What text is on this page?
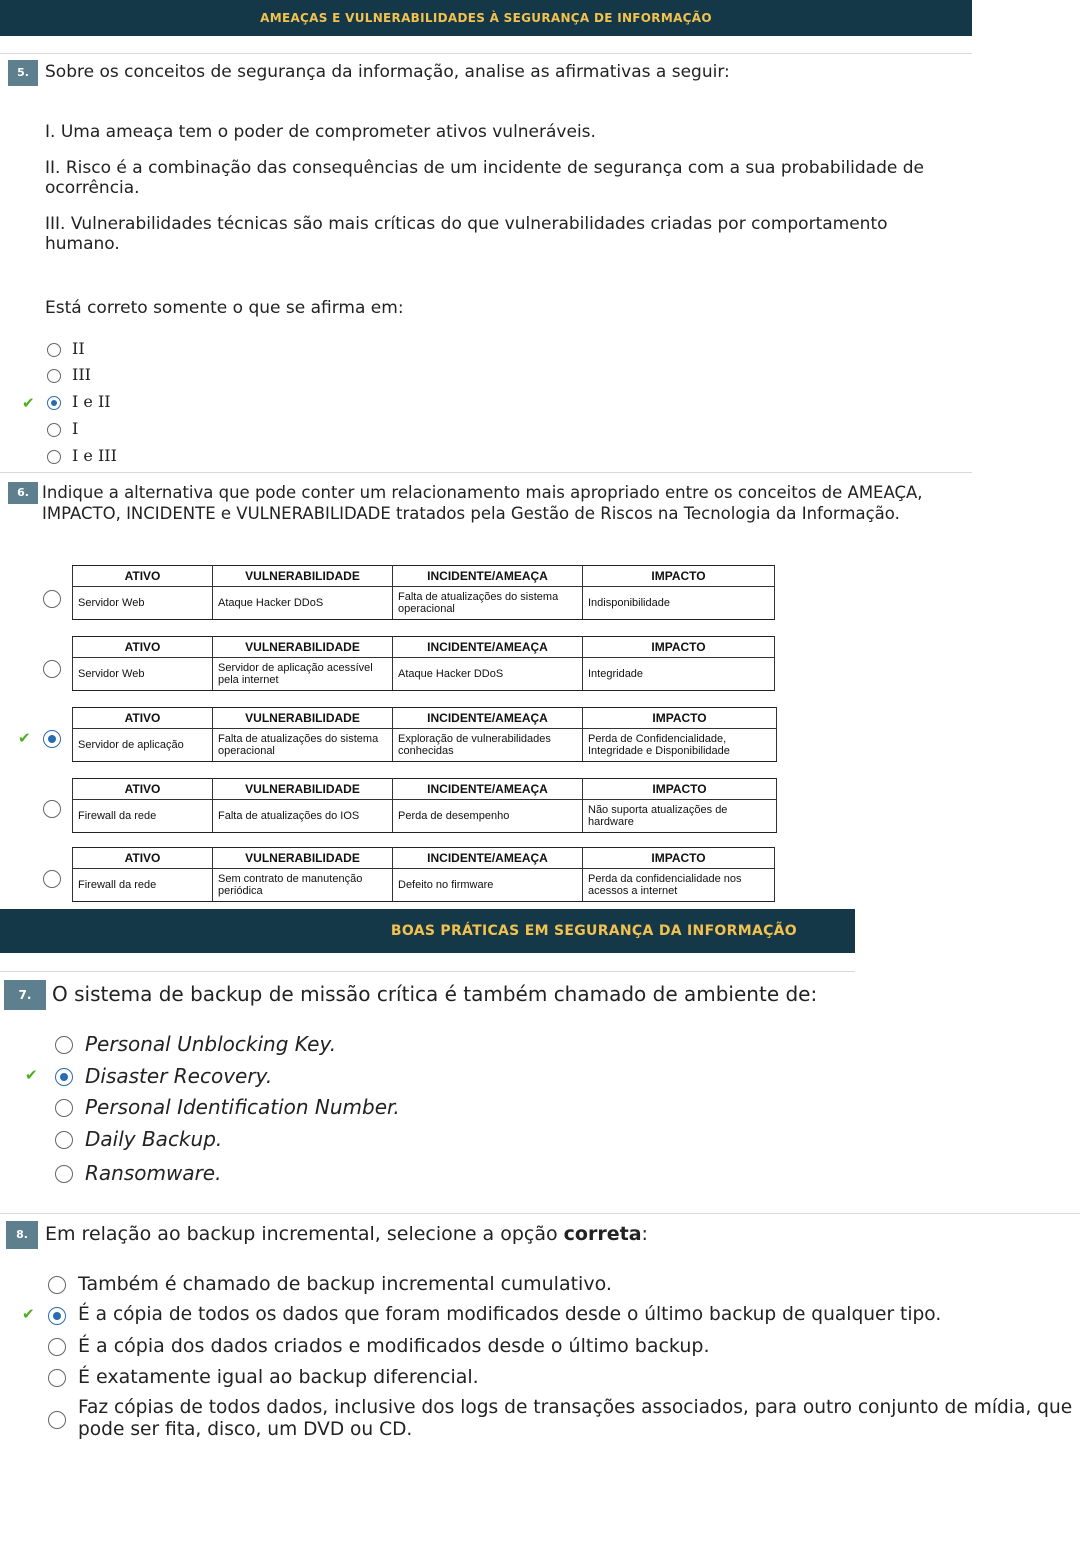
AMEAÇAS E VULNERABILIDADES À SEGURANÇA DE INFORMAÇÃO
5. Sobre os conceitos de segurança da informação, analise as afirmativas a seguir:
I. Uma ameaça tem o poder de comprometer ativos vulneráveis.
II. Risco é a combinação das consequências de um incidente de segurança com a sua probabilidade de ocorrência.
III. Vulnerabilidades técnicas são mais críticas do que vulnerabilidades criadas por comportamento humano.
Está correto somente o que se afirma em:
II
III
✔ I e II
I
I e III
6. Indique a alternativa que pode conter um relacionamento mais apropriado entre os conceitos de AMEAÇA, IMPACTO, INCIDENTE e VULNERABILIDADE tratados pela Gestão de Riscos na Tecnologia da Informação.
ATIVO	VULNERABILIDADE	INCIDENTE/AMEAÇA	IMPACTO
Servidor Web	Ataque Hacker DDoS	Falta de atualizações do sistema operacional	Indisponibilidade
ATIVO	VULNERABILIDADE	INCIDENTE/AMEAÇA	IMPACTO
Servidor Web	Servidor de aplicação acessível pela internet	Ataque Hacker DDoS	Integridade
✔
ATIVO	VULNERABILIDADE	INCIDENTE/AMEAÇA	IMPACTO
Servidor de aplicação	Falta de atualizações do sistema operacional	Exploração de vulnerabilidades conhecidas	Perda de Confidencialidade, Integridade e Disponibilidade
ATIVO	VULNERABILIDADE	INCIDENTE/AMEAÇA	IMPACTO
Firewall da rede	Falta de atualizações do IOS	Perda de desempenho	Não suporta atualizações de hardware
ATIVO	VULNERABILIDADE	INCIDENTE/AMEAÇA	IMPACTO
Firewall da rede	Sem contrato de manutenção periódica	Defeito no firmware	Perda da confidencialidade nos acessos a internet
BOAS PRÁTICAS EM SEGURANÇA DA INFORMAÇÃO
7.	O sistema de backup de missão crítica é também chamado de ambiente de:
Personal Unblocking Key.
✔ Disaster Recovery.
Personal Identification Number.
Daily Backup.
Ransomware.
8. Em relação ao backup incremental, selecione a opção correta:
Também é chamado de backup incremental cumulativo.
✔ É a cópia de todos os dados que foram modificados desde o último backup de qualquer tipo.
É a cópia dos dados criados e modificados desde o último backup.
É exatamente igual ao backup diferencial.
Faz cópias de todos dados, inclusive dos logs de transações associados, para outro conjunto de mídia, que pode ser fita, disco, um DVD ou CD.
